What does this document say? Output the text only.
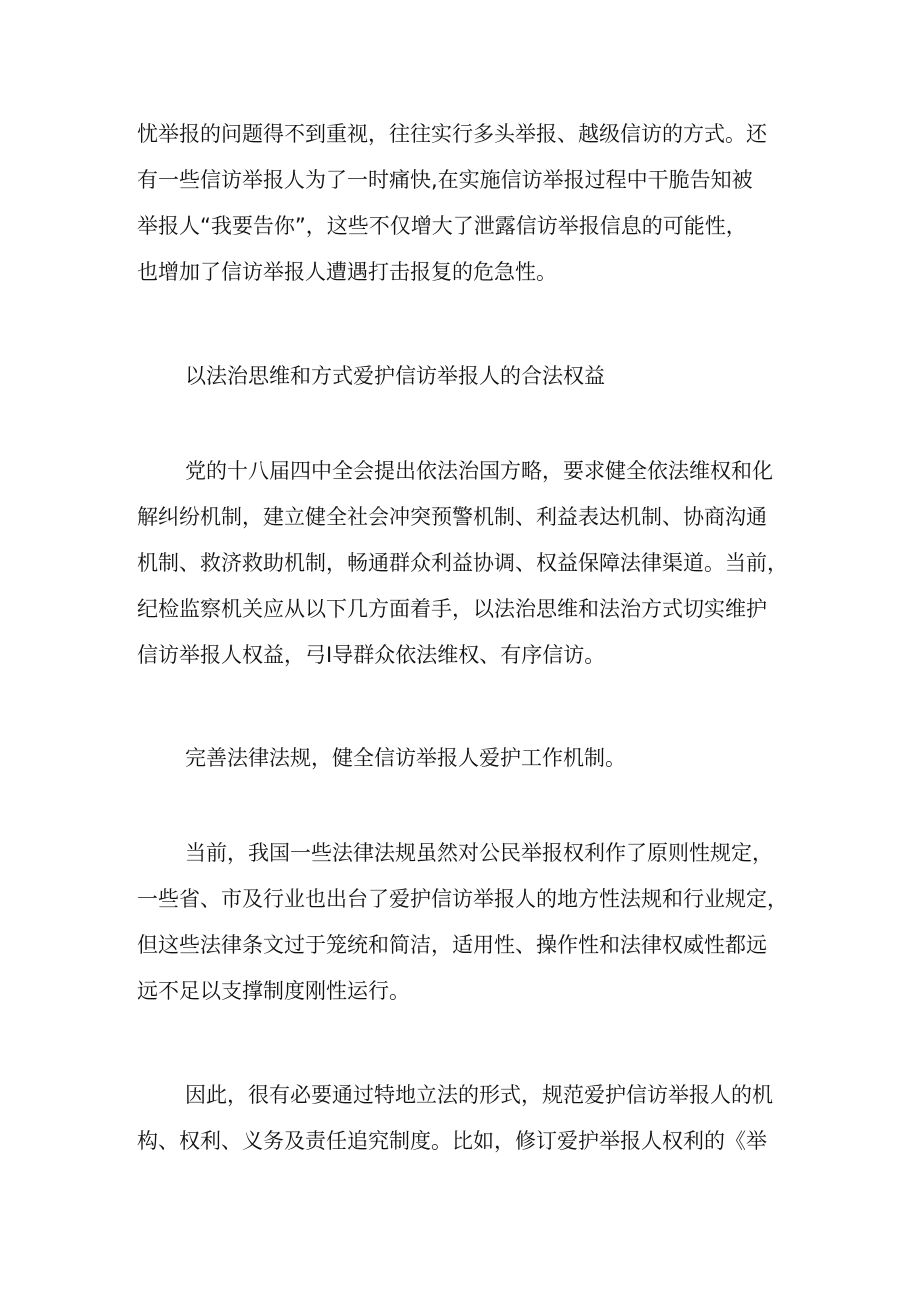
忧举报的问题得不到重视，往往实行多头举报、越级信访的方式。还
有一些信访举报人为了一时痛快,在实施信访举报过程中干脆告知被
举报人“我要告你”，这些不仅增大了泄露信访举报信息的可能性，
也增加了信访举报人遭遇打击报复的危急性。
以法治思维和方式爱护信访举报人的合法权益
党的十八届四中全会提出依法治国方略，要求健全依法维权和化
解纠纷机制，建立健全社会冲突预警机制、利益表达机制、协商沟通
机制、救济救助机制，畅通群众利益协调、权益保障法律渠道。当前，
纪检监察机关应从以下几方面着手，以法治思维和法治方式切实维护
信访举报人权益，弓I导群众依法维权、有序信访。
完善法律法规，健全信访举报人爱护工作机制。
当前，我国一些法律法规虽然对公民举报权利作了原则性规定，
一些省、市及行业也出台了爱护信访举报人的地方性法规和行业规定，
但这些法律条文过于笼统和简洁，适用性、操作性和法律权威性都远
远不足以支撑制度刚性运行。
因此，很有必要通过特地立法的形式，规范爱护信访举报人的机
构、权利、义务及责任追究制度。比如，修订爱护举报人权利的《举
